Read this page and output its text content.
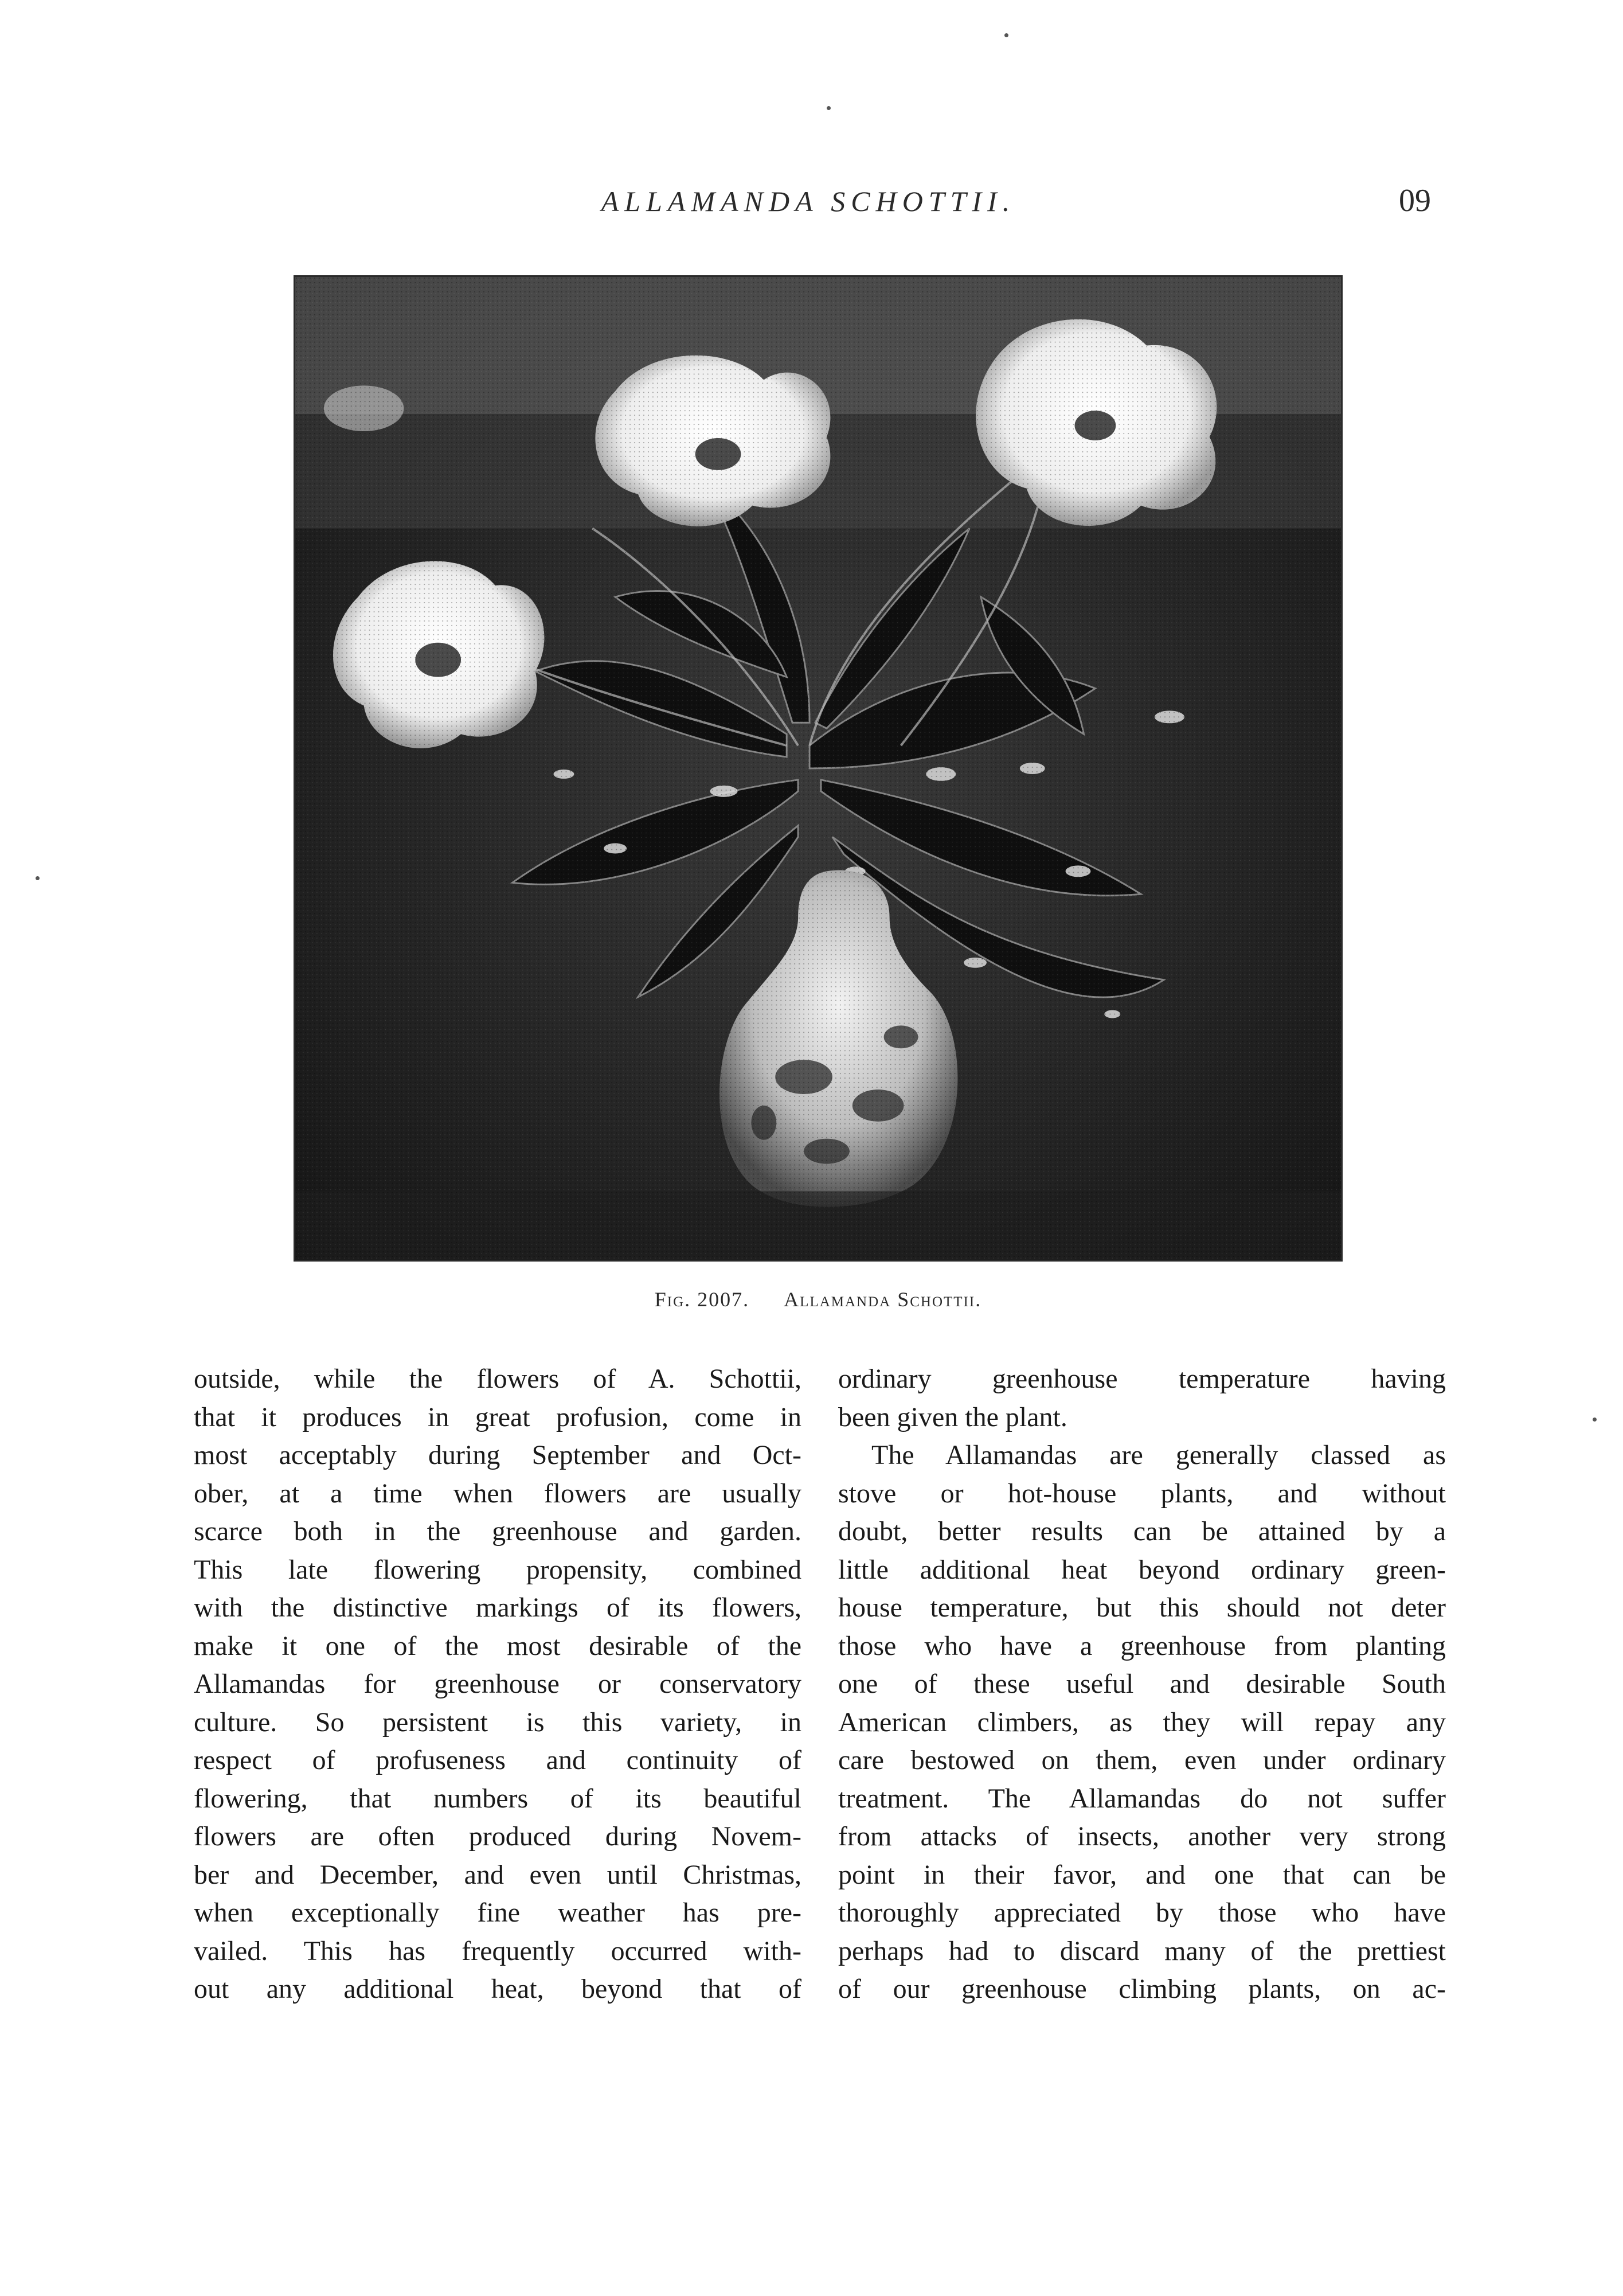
ALLAMANDA SCHOTTII.	09
Fig. 2007. Allamanda Schottii.
outside, while the flowers of A. Schottii,
that it produces in great profusion, come in
most acceptably during September and Oct-
ober, at a time when flowers are usually
scarce both in the greenhouse and garden.
This late flowering propensity, combined
with the distinctive markings of its flowers,
make it one of the most desirable of the
Allamandas for greenhouse or conservatory
culture. So persistent is this variety, in
respect of profuseness and continuity of
flowering, that numbers of its beautiful
flowers are often produced during Novem-
ber and December, and even until Christmas,
when exceptionally fine weather has pre-
vailed. This has frequently occurred with-
out any additional heat, beyond that of
ordinary greenhouse temperature having
been given the plant.
The Allamandas are generally classed as
stove or hot-house plants, and without
doubt, better results can be attained by a
little additional heat beyond ordinary green-
house temperature, but this should not deter
those who have a greenhouse from planting
one of these useful and desirable South
American climbers, as they will repay any
care bestowed on them, even under ordinary
treatment. The Allamandas do not suffer
from attacks of insects, another very strong
point in their favor, and one that can be
thoroughly appreciated by those who have
perhaps had to discard many of the prettiest
of our greenhouse climbing plants, on ac-
